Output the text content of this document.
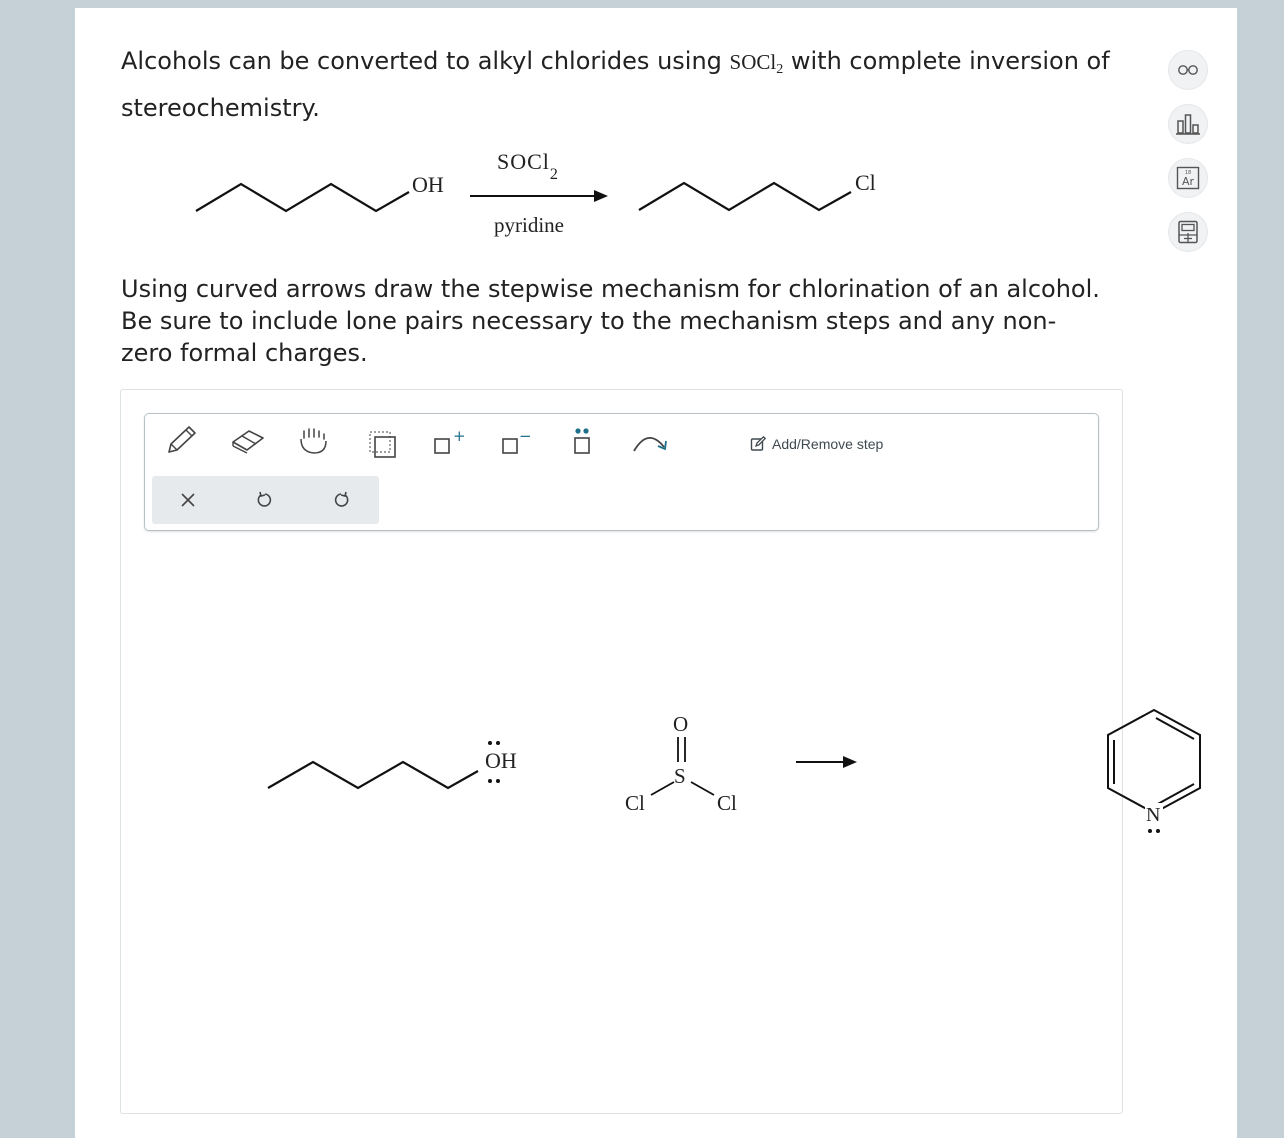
Alcohols can be converted to alkyl chlorides using SOCl$_2$ with complete inversion of stereochemistry.

OH
SOCl$_2$
pyridine
Cl

Using curved arrows draw the stepwise mechanism for chlorination of an alcohol. Be sure to include lone pairs necessary to the mechanism steps and any non-zero formal charges.

18
Ar
+	−	Add/Remove step
OH
O
S
Cl	Cl	N
